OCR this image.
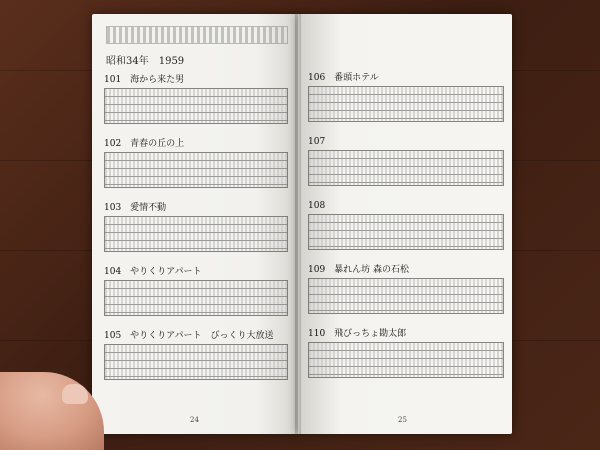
昭和34年　1959
101　海から来た男
102　青春の丘の上
103　愛情不動
104　やりくりアパート
105　やりくりアパート　びっくり大放送
24
106　番頭ホテル
107
108
109　暴れん坊 森の石松
110　飛びっちょ勘太郎
25
